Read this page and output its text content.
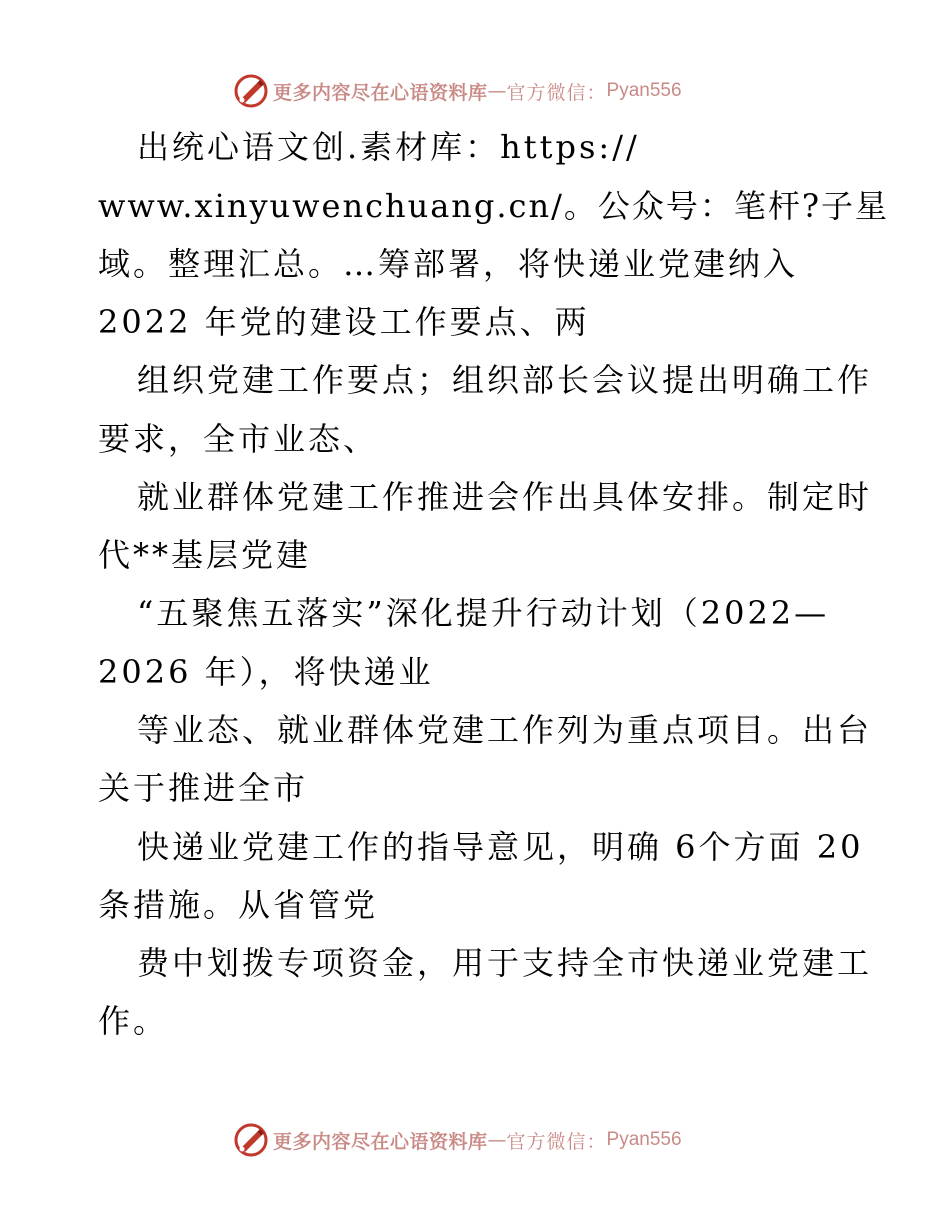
更多内容尽在心语资料库 — 官方微信： Pyan556

出统心语文创.素材库：https://

www.xinyuwenchuang.cn/。公众号：笔杆?子星

域。整理汇总。…筹部署，将快递业党建纳入

2022 年党的建设工作要点、两

组织党建工作要点；组织部长会议提出明确工作

要求，全市业态、

就业群体党建工作推进会作出具体安排。制定时

代**基层党建

“五聚焦五落实”深化提升行动计划（2022—

2026 年），将快递业

等业态、就业群体党建工作列为重点项目。出台

关于推进全市

快递业党建工作的指导意见，明确 6个方面 20

条措施。从省管党

费中划拨专项资金，用于支持全市快递业党建工

作。

更多内容尽在心语资料库 — 官方微信： Pyan556
